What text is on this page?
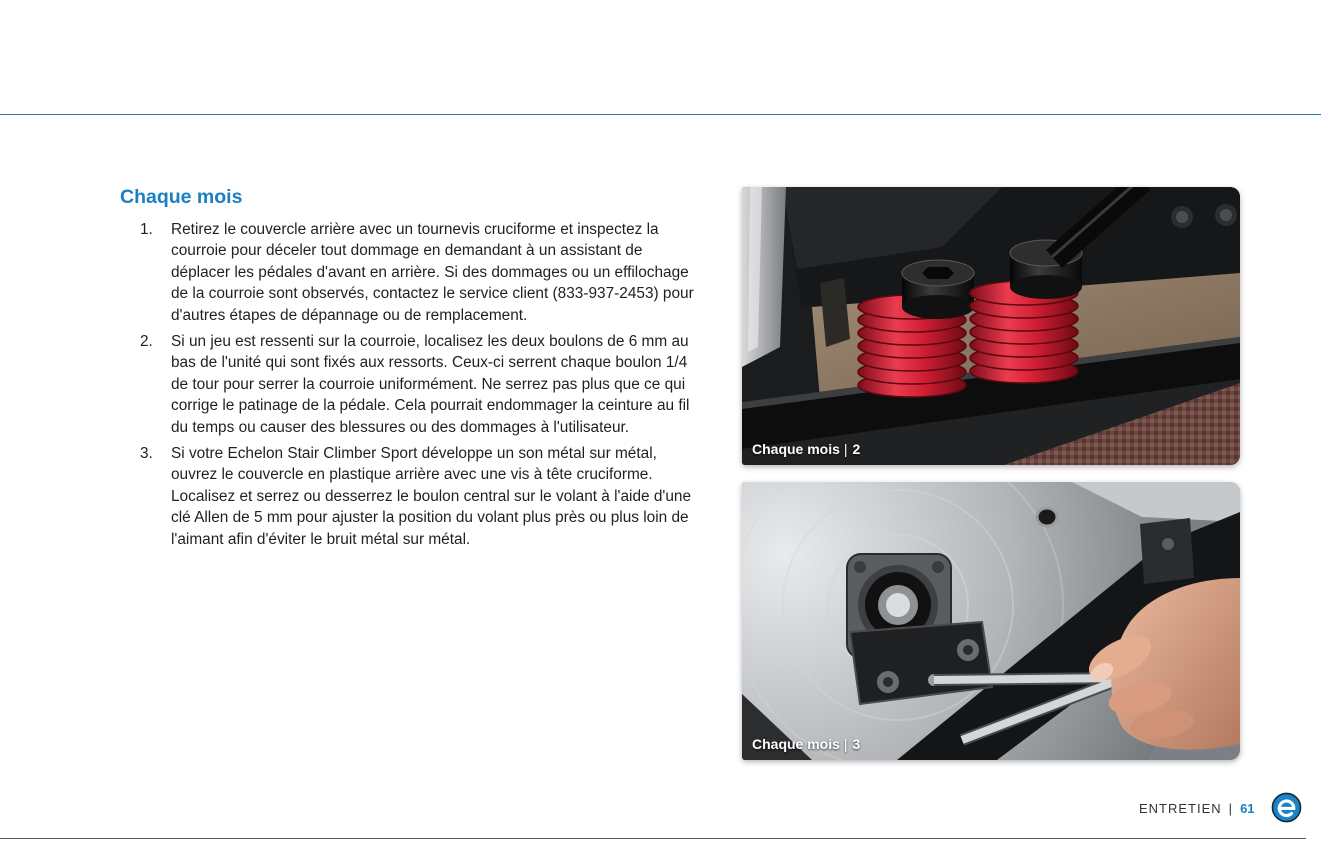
Chaque mois
1.	Retirez le couvercle arrière avec un tournevis cruciforme et inspectez la
courroie pour déceler tout dommage en demandant à un assistant de
déplacer les pédales d'avant en arrière. Si des dommages ou un effilochage
de la courroie sont observés, contactez le service client (833-937-2453) pour
d'autres étapes de dépannage ou de remplacement.
2.	Si un jeu est ressenti sur la courroie, localisez les deux boulons de 6 mm au
bas de l'unité qui sont fixés aux ressorts. Ceux-ci serrent chaque boulon 1/4
de tour pour serrer la courroie uniformément. Ne serrez pas plus que ce qui
corrige le patinage de la pédale. Cela pourrait endommager la ceinture au fil
du temps ou causer des blessures ou des dommages à l'utilisateur.
3.	Si votre Echelon Stair Climber Sport développe un son métal sur métal,
ouvrez le couvercle en plastique arrière avec une vis à tête cruciforme.
Localisez et serrez ou desserrez le boulon central sur le volant à l'aide d'une
clé Allen de 5 mm pour ajuster la position du volant plus près ou plus loin de
l'aimant afin d'éviter le bruit métal sur métal.
Chaque mois | 2
Chaque mois | 3
ENTRETIEN | 61
